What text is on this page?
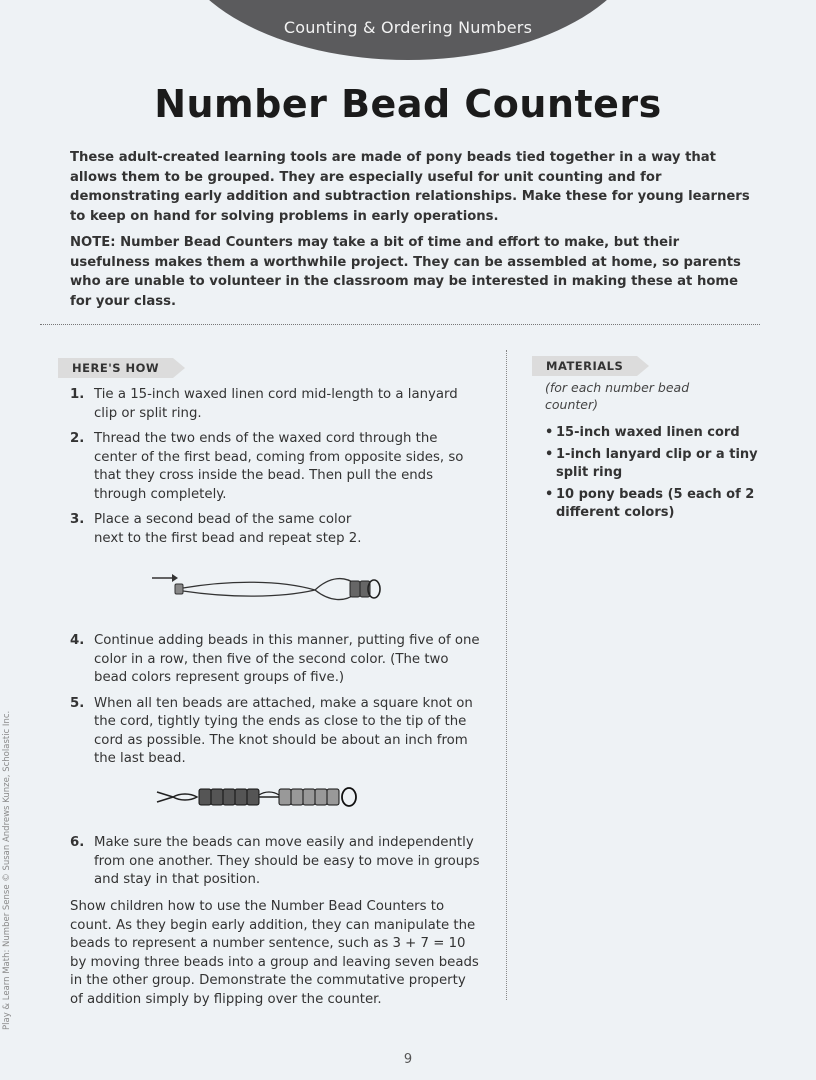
Counting & Ordering Numbers
Number Bead Counters

These adult-created learning tools are made of pony beads tied together in a way that allows them to be grouped. They are especially useful for unit counting and for demonstrating early addition and subtraction relationships. Make these for young learners to keep on hand for solving problems in early operations.

NOTE: Number Bead Counters may take a bit of time and effort to make, but their usefulness makes them a worthwhile project. They can be assembled at home, so parents who are unable to volunteer in the classroom may be interested in making these at home for your class.

HERE'S HOW
1. Tie a 15-inch waxed linen cord mid-length to a lanyard clip or split ring.
2. Thread the two ends of the waxed cord through the center of the first bead, coming from opposite sides, so that they cross inside the bead. Then pull the ends through completely.
3. Place a second bead of the same color next to the first bead and repeat step 2.
4. Continue adding beads in this manner, putting five of one color in a row, then five of the second color. (The two bead colors represent groups of five.)
5. When all ten beads are attached, make a square knot on the cord, tightly tying the ends as close to the tip of the cord as possible. The knot should be about an inch from the last bead.
6. Make sure the beads can move easily and independently from one another. They should be easy to move in groups and stay in that position.
Show children how to use the Number Bead Counters to count. As they begin early addition, they can manipulate the beads to represent a number sentence, such as 3 + 7 = 10 by moving three beads into a group and leaving seven beads in the other group. Demonstrate the commutative property of addition simply by flipping over the counter.
MATERIALS
(for each number bead counter)
• 15-inch waxed linen cord
• 1-inch lanyard clip or a tiny split ring
• 10 pony beads (5 each of 2 different colors)
Play & Learn Math: Number Sense © Susan Andrews Kunze, Scholastic Inc.
9
